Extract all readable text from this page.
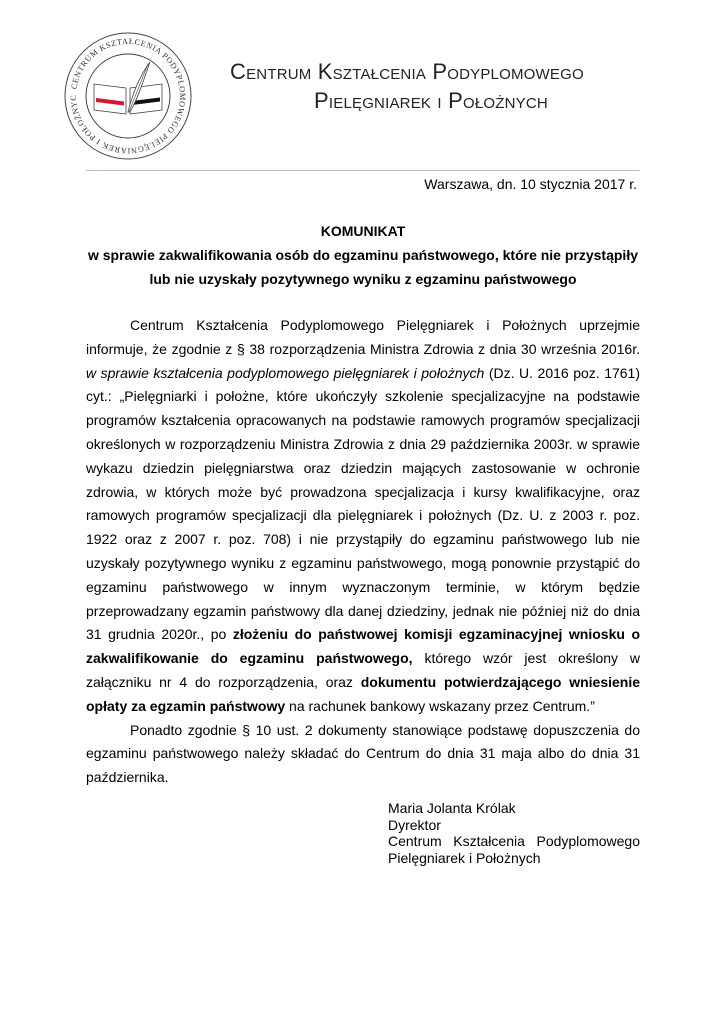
CENTRUM KSZTAŁCENIA PODYPLOMOWEGO PIELĘGNIAREK I POŁOŻNYC
Centrum Kształcenia Podyplomowego
Pielęgniarek i Położnych
Warszawa, dn. 10 stycznia 2017 r.
KOMUNIKAT
w sprawie zakwalifikowania osób do egzaminu państwowego, które nie przystąpiły lub nie uzyskały pozytywnego wyniku z egzaminu państwowego

Centrum Kształcenia Podyplomowego Pielęgniarek i Położnych uprzejmie informuje, że zgodnie z § 38 rozporządzenia Ministra Zdrowia z dnia 30 września 2016r. w sprawie kształcenia podyplomowego pielęgniarek i położnych (Dz. U. 2016 poz. 1761) cyt.: „Pielęgniarki i położne, które ukończyły szkolenie specjalizacyjne na podstawie programów kształcenia opracowanych na podstawie ramowych programów specjalizacji określonych w rozporządzeniu Ministra Zdrowia z dnia 29 października 2003r. w sprawie wykazu dziedzin pielęgniarstwa oraz dziedzin mających zastosowanie w ochronie zdrowia, w których może być prowadzona specjalizacja i kursy kwalifikacyjne, oraz ramowych programów specjalizacji dla pielęgniarek i położnych (Dz. U. z 2003 r. poz. 1922 oraz z 2007 r. poz. 708) i nie przystąpiły do egzaminu państwowego lub nie uzyskały pozytywnego wyniku z egzaminu państwowego, mogą ponownie przystąpić do egzaminu państwowego w innym wyznaczonym terminie, w którym będzie przeprowadzany egzamin państwowy dla danej dziedziny, jednak nie później niż do dnia 31 grudnia 2020r., po złożeniu do państwowej komisji egzaminacyjnej wniosku o zakwalifikowanie do egzaminu państwowego, którego wzór jest określony w załączniku nr 4 do rozporządzenia, oraz dokumentu potwierdzającego wniesienie opłaty za egzamin państwowy na rachunek bankowy wskazany przez Centrum.”

Ponadto zgodnie § 10 ust. 2 dokumenty stanowiące podstawę dopuszczenia do egzaminu państwowego należy składać do Centrum do dnia 31 maja albo do dnia 31 października.

Maria Jolanta Królak
Dyrektor
Centrum Kształcenia Podyplomowego
Pielęgniarek i Położnych
